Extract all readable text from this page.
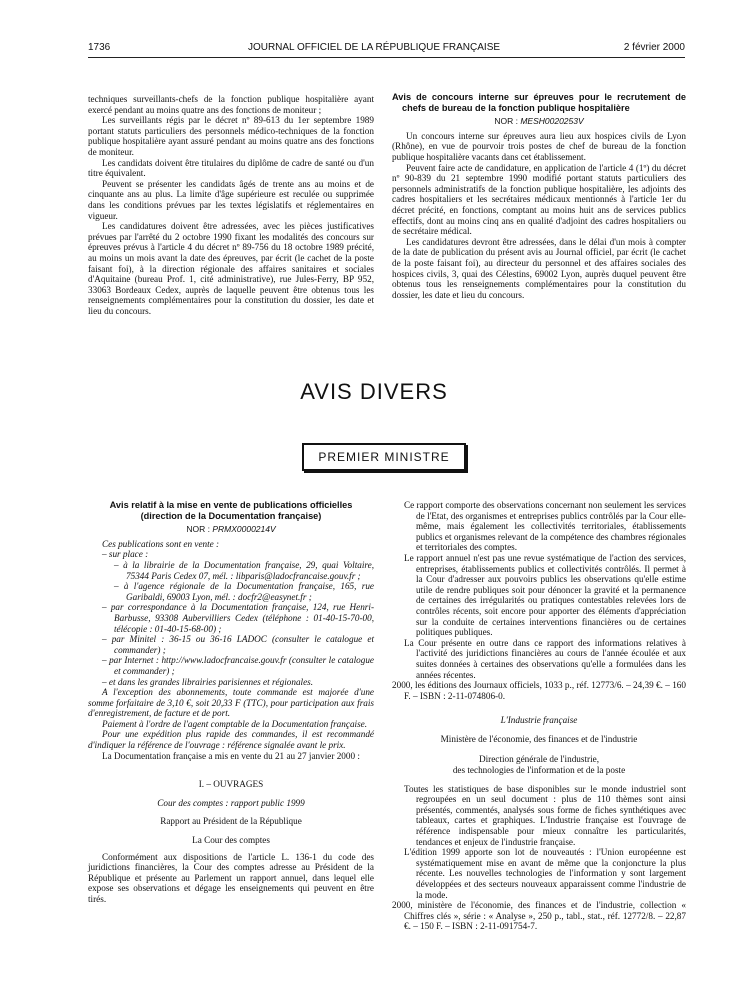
1736	JOURNAL OFFICIEL DE LA RÉPUBLIQUE FRANÇAISE	2 février 2000

techniques surveillants-chefs de la fonction publique hospitalière ayant exercé pendant au moins quatre ans des fonctions de moniteur ;

Les surveillants régis par le décret nº 89-613 du 1er septembre 1989 portant statuts particuliers des personnels médico-techniques de la fonction publique hospitalière ayant assuré pendant au moins quatre ans des fonctions de moniteur.

Les candidats doivent être titulaires du diplôme de cadre de santé ou d'un titre équivalent.

Peuvent se présenter les candidats âgés de trente ans au moins et de cinquante ans au plus. La limite d'âge supérieure est reculée ou supprimée dans les conditions prévues par les textes législatifs et réglementaires en vigueur.

Les candidatures doivent être adressées, avec les pièces justificatives prévues par l'arrêté du 2 octobre 1990 fixant les modalités des concours sur épreuves prévus à l'article 4 du décret nº 89-756 du 18 octobre 1989 précité, au moins un mois avant la date des épreuves, par écrit (le cachet de la poste faisant foi), à la direction régionale des affaires sanitaires et sociales d'Aquitaine (bureau Prof. 1, cité administrative), rue Jules-Ferry, BP 952, 33063 Bordeaux Cedex, auprès de laquelle peuvent être obtenus tous les renseignements complémentaires pour la constitution du dossier, les date et lieu du concours.

Avis de concours interne sur épreuves pour le recrutement de chefs de bureau de la fonction publique hospitalière

NOR : MESH0020253V

Un concours interne sur épreuves aura lieu aux hospices civils de Lyon (Rhône), en vue de pourvoir trois postes de chef de bureau de la fonction publique hospitalière vacants dans cet établissement.

Peuvent faire acte de candidature, en application de l'article 4 (1º) du décret nº 90-839 du 21 septembre 1990 modifié portant statuts particuliers des personnels administratifs de la fonction publique hospitalière, les adjoints des cadres hospitaliers et les secrétaires médicaux mentionnés à l'article 1er du décret précité, en fonctions, comptant au moins huit ans de services publics effectifs, dont au moins cinq ans en qualité d'adjoint des cadres hospitaliers ou de secrétaire médical.

Les candidatures devront être adressées, dans le délai d'un mois à compter de la date de publication du présent avis au Journal officiel, par écrit (le cachet de la poste faisant foi), au directeur du personnel et des affaires sociales des hospices civils, 3, quai des Célestins, 69002 Lyon, auprès duquel peuvent être obtenus tous les renseignements complémentaires pour la constitution du dossier, les date et lieu du concours.

AVIS DIVERS
PREMIER MINISTRE

Avis relatif à la mise en vente de publications officielles (direction de la Documentation française)

NOR : PRMX0000214V

Ces publications sont en vente :

– sur place :

– à la librairie de la Documentation française, 29, quai Voltaire, 75344 Paris Cedex 07, mél. : libparis@ladocfrancaise.gouv.fr ;

– à l'agence régionale de la Documentation française, 165, rue Garibaldi, 69003 Lyon, mél. : docfr2@easynet.fr ;

– par correspondance à la Documentation française, 124, rue Henri-Barbusse, 93308 Aubervilliers Cedex (téléphone : 01-40-15-70-00, télécopie : 01-40-15-68-00) ;

– par Minitel : 36-15 ou 36-16 LADOC (consulter le catalogue et commander) ;

– par Internet : http://www.ladocfrancaise.gouv.fr (consulter le catalogue et commander) ;

– et dans les grandes librairies parisiennes et régionales.

A l'exception des abonnements, toute commande est majorée d'une somme forfaitaire de 3,10 €, soit 20,33 F (TTC), pour participation aux frais d'enregistrement, de facture et de port.

Paiement à l'ordre de l'agent comptable de la Documentation française.

Pour une expédition plus rapide des commandes, il est recommandé d'indiquer la référence de l'ouvrage : référence signalée avant le prix.

La Documentation française a mis en vente du 21 au 27 janvier 2000 :

I. – OUVRAGES

Cour des comptes : rapport public 1999

Rapport au Président de la République

La Cour des comptes

Conformément aux dispositions de l'article L. 136-1 du code des juridictions financières, la Cour des comptes adresse au Président de la République et présente au Parlement un rapport annuel, dans lequel elle expose ses observations et dégage les enseignements qui peuvent en être tirés.

Ce rapport comporte des observations concernant non seulement les services de l'Etat, des organismes et entreprises publics contrôlés par la Cour elle-même, mais également les collectivités territoriales, établissements publics et organismes relevant de la compétence des chambres régionales et territoriales des comptes.

Le rapport annuel n'est pas une revue systématique de l'action des services, entreprises, établissements publics et collectivités contrôlés. Il permet à la Cour d'adresser aux pouvoirs publics les observations qu'elle estime utile de rendre publiques soit pour dénoncer la gravité et la permanence de certaines des irrégularités ou pratiques contestables relevées lors de contrôles récents, soit encore pour apporter des éléments d'appréciation sur la conduite de certaines interventions financières ou de certaines politiques publiques.

La Cour présente en outre dans ce rapport des informations relatives à l'activité des juridictions financières au cours de l'année écoulée et aux suites données à certaines des observations qu'elle a formulées dans les années récentes.

2000, les éditions des Journaux officiels, 1033 p., réf. 12773/6. – 24,39 €. – 160 F. – ISBN : 2-11-074806-0.

L'Industrie française

Ministère de l'économie, des finances et de l'industrie

Direction générale de l'industrie,

des technologies de l'information et de la poste

Toutes les statistiques de base disponibles sur le monde industriel sont regroupées en un seul document : plus de 110 thèmes sont ainsi présentés, commentés, analysés sous forme de fiches synthétiques avec tableaux, cartes et graphiques. L'Industrie française est l'ouvrage de référence indispensable pour mieux connaître les particularités, tendances et enjeux de l'industrie française.

L'édition 1999 apporte son lot de nouveautés : l'Union européenne est systématiquement mise en avant de même que la conjoncture la plus récente. Les nouvelles technologies de l'information y sont largement développées et des secteurs nouveaux apparaissent comme l'industrie de la mode.

2000, ministère de l'économie, des finances et de l'industrie, collection « Chiffres clés », série : « Analyse », 250 p., tabl., stat., réf. 12772/8. – 22,87 €. – 150 F. – ISBN : 2-11-091754-7.
